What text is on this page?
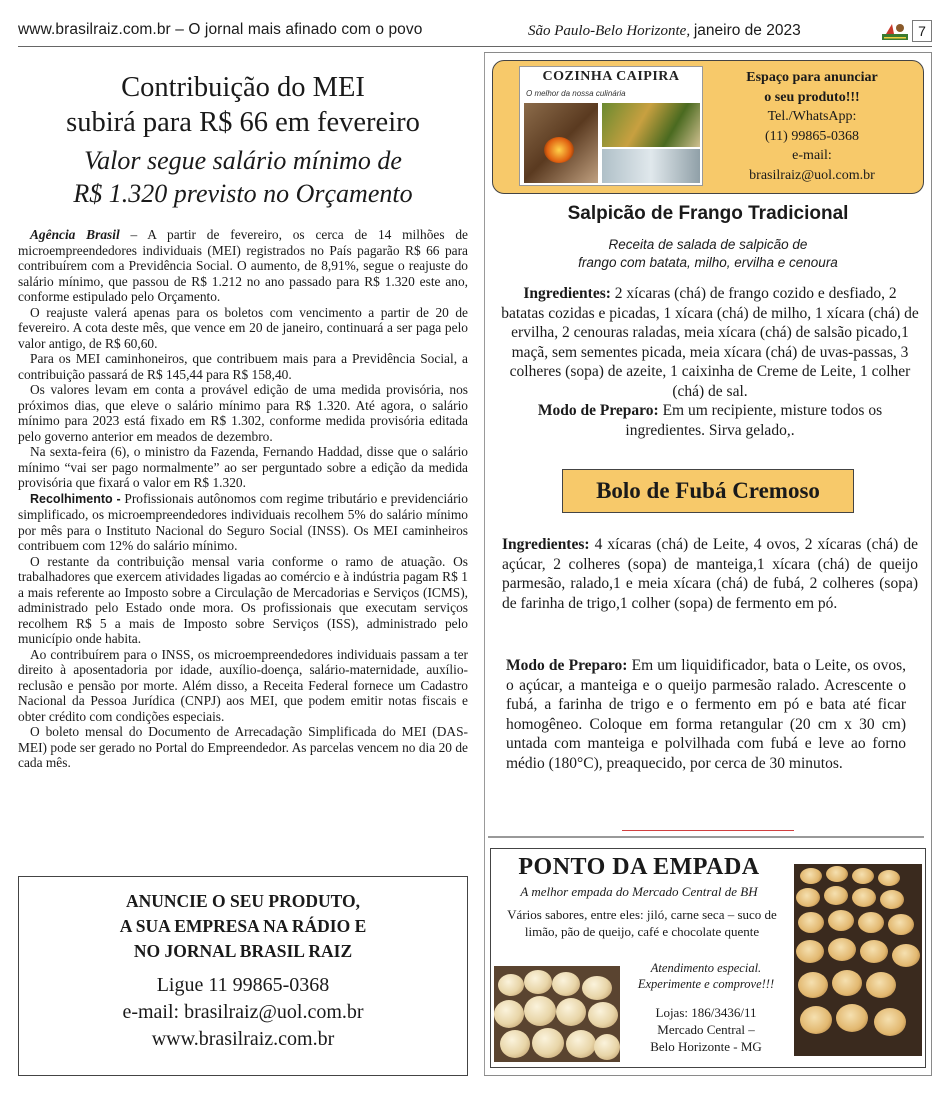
www.brasilraiz.com.br – O jornal mais afinado com o povo	São Paulo-Belo Horizonte, janeiro de 2023	7
Contribuição do MEI
subirá para R$ 66 em fevereiro
Valor segue salário mínimo de
R$ 1.320 previsto no Orçamento

Agência Brasil – A partir de fevereiro, os cerca de 14 milhões de microempreendedores individuais (MEI) registrados no País pagarão R$ 66 para contribuírem com a Previdência Social. O aumento, de 8,91%, segue o reajuste do salário mínimo, que passou de R$ 1.212 no ano passado para R$ 1.320 este ano, conforme estipulado pelo Orçamento.

O reajuste valerá apenas para os boletos com vencimento a partir de 20 de fevereiro. A cota deste mês, que vence em 20 de janeiro, continuará a ser paga pelo valor antigo, de R$ 60,60.

Para os MEI caminhoneiros, que contribuem mais para a Previdência Social, a contribuição passará de R$ 145,44 para R$ 158,40.

Os valores levam em conta a provável edição de uma medida provisória, nos próximos dias, que eleve o salário mínimo para R$ 1.320. Até agora, o salário mínimo para 2023 está fixado em R$ 1.302, conforme medida provisória editada pelo governo anterior em meados de dezembro.

Na sexta-feira (6), o ministro da Fazenda, Fernando Haddad, disse que o salário mínimo “vai ser pago normalmente” ao ser perguntado sobre a edição da medida provisória que fixará o valor em R$ 1.320.

Recolhimento - Profissionais autônomos com regime tributário e previdenciário simplificado, os microempreendedores individuais recolhem 5% do salário mínimo por mês para o Instituto Nacional do Seguro Social (INSS). Os MEI caminheiros contribuem com 12% do salário mínimo.

O restante da contribuição mensal varia conforme o ramo de atuação. Os trabalhadores que exercem atividades ligadas ao comércio e à indústria pagam R$ 1 a mais referente ao Imposto sobre a Circulação de Mercadorias e Serviços (ICMS), administrado pelo Estado onde mora. Os profissionais que executam serviços recolhem R$ 5 a mais de Imposto sobre Serviços (ISS), administrado pelo município onde habita.

Ao contribuírem para o INSS, os microempreendedores individuais passam a ter direito à aposentadoria por idade, auxílio-doença, salário-maternidade, auxílio-reclusão e pensão por morte. Além disso, a Receita Federal fornece um Cadastro Nacional da Pessoa Jurídica (CNPJ) aos MEI, que podem emitir notas fiscais e obter crédito com condições especiais.

O boleto mensal do Documento de Arrecadação Simplificada do MEI (DAS-MEI) pode ser gerado no Portal do Empreendedor. As parcelas vencem no dia 20 de cada mês.

ANUNCIE O SEU PRODUTO,
A SUA EMPRESA NA RÁDIO E
NO JORNAL BRASIL RAIZ
Ligue 11 99865-0368
e-mail: brasilraiz@uol.com.br
www.brasilraiz.com.br
COZINHA CAIPIRA
O melhor da nossa culinária
Espaço para anunciar
o seu produto!!!
Tel./WhatsApp:
(11) 99865-0368
e-mail:
brasilraiz@uol.com.br
Salpicão de Frango Tradicional
Receita de salada de salpicão de
frango com batata, milho, ervilha e cenoura
Ingredientes: 2 xícaras (chá) de frango cozido e desfiado, 2 batatas cozidas e picadas, 1 xícara (chá) de milho, 1 xícara (chá) de ervilha, 2 cenouras raladas, meia xícara (chá) de salsão picado,1 maçã, sem sementes picada, meia xícara (chá) de uvas-passas, 3 colheres (sopa) de azeite, 1 caixinha de Creme de Leite, 1 colher (chá) de sal.
Modo de Preparo: Em um recipiente, misture todos os ingredientes. Sirva gelado,.
Bolo de Fubá Cremoso
Ingredientes: 4 xícaras (chá) de Leite, 4 ovos, 2 xícaras (chá) de açúcar, 2 colheres (sopa) de manteiga,1 xícara (chá) de queijo parmesão, ralado,1 e meia xícara (chá) de fubá, 2 colheres (sopa) de farinha de trigo,1 colher (sopa) de fermento em pó.
Modo de Preparo: Em um liquidificador, bata o Leite, os ovos, o açúcar, a manteiga e o queijo parmesão ralado. Acrescente o fubá, a farinha de trigo e o fermento em pó e bata até ficar homogêneo. Coloque em forma retangular (20 cm x 30 cm) untada com manteiga e polvilhada com fubá e leve ao forno médio (180°C), preaquecido, por cerca de 30 minutos.
PONTO DA EMPADA
A melhor empada do Mercado Central de BH
Vários sabores, entre eles: jiló, carne seca – suco de limão, pão de queijo, café e chocolate quente
Atendimento especial.
Experimente e comprove!!!
Lojas: 186/3436/11
Mercado Central –
Belo Horizonte - MG
